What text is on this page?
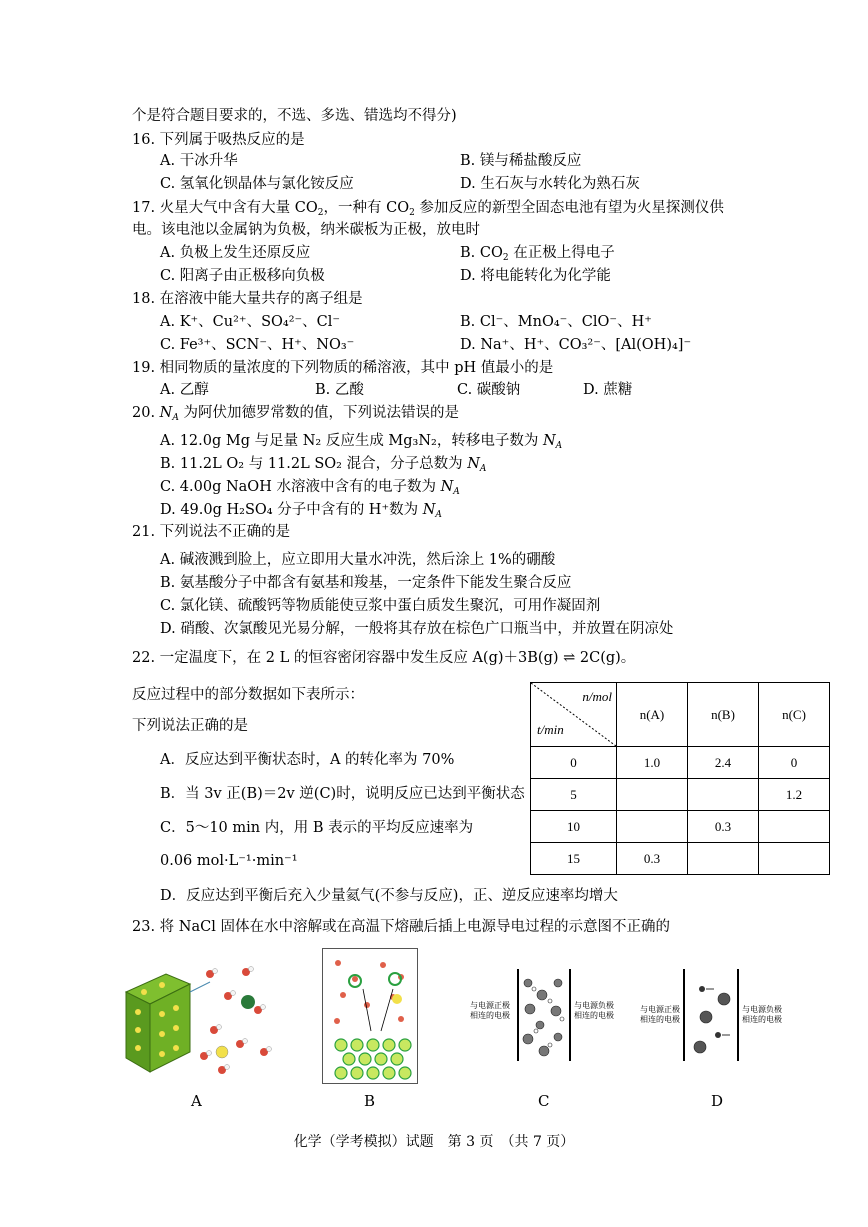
个是符合题目要求的，不选、多选、错选均不得分)
16. 下列属于吸热反应的是
A. 干冰升华	B. 镁与稀盐酸反应
C. 氢氧化钡晶体与氯化铵反应	D. 生石灰与水转化为熟石灰
17. 火星大气中含有大量 $CO_2$，一种有 $CO_2$ 参加反应的新型全固态电池有望为火星探测仪供
电。该电池以金属钠为负极，纳米碳板为正极，放电时
A. 负极上发生还原反应	B. $CO_2$ 在正极上得电子
C. 阳离子由正极移向负极	D. 将电能转化为化学能
18. 在溶液中能大量共存的离子组是
A. K⁺、Cu²⁺、SO₄²⁻、Cl⁻	B. Cl⁻、MnO₄⁻、ClO⁻、H⁺
C. Fe³⁺、SCN⁻、H⁺、NO₃⁻	D. Na⁺、H⁺、CO₃²⁻、[Al(OH)₄]⁻
19. 相同物质的量浓度的下列物质的稀溶液，其中 pH 值最小的是
A. 乙醇	B. 乙酸	C. 碳酸钠	D. 蔗糖
20. $N_A$ 为阿伏加德罗常数的值，下列说法错误的是
A. 12.0g Mg 与足量 N₂ 反应生成 Mg₃N₂，转移电子数为 $N_A$
B. 11.2L O₂ 与 11.2L SO₂ 混合，分子总数为 $N_A$
C. 4.00g NaOH 水溶液中含有的电子数为 $N_A$
D. 49.0g H₂SO₄ 分子中含有的 H⁺数为 $N_A$
21. 下列说法不正确的是
A. 碱液溅到脸上，应立即用大量水冲洗，然后涂上 1%的硼酸
B. 氨基酸分子中都含有氨基和羧基，一定条件下能发生聚合反应
C. 氯化镁、硫酸钙等物质能使豆浆中蛋白质发生聚沉，可用作凝固剂
D. 硝酸、次氯酸见光易分解，一般将其存放在棕色广口瓶当中，并放置在阴凉处
22. 一定温度下，在 2 L 的恒容密闭容器中发生反应 A(g)＋3B(g) ⇌ 2C(g)。
反应过程中的部分数据如下表所示：
下列说法正确的是
A．反应达到平衡状态时，A 的转化率为 70%
B．当 3v 正(B)＝2v 逆(C)时，说明反应已达到平衡状态
C．5～10 min 内，用 B 表示的平均反应速率为
0.06 mol·L⁻¹·min⁻¹
D．反应达到平衡后充入少量氦气(不参与反应)，正、逆反应速率均增大
n/mol
t/min	n(A)	n(B)	n(C)
0	1.0	2.4	0
5			1.2
10		0.3	
15	0.3		
23. 将 NaCl 固体在水中溶解或在高温下熔融后插上电源导电过程的示意图不正确的
与电源正极相连的电极
与电源负极相连的电极
与电源正极相连的电极
与电源负极相连的电极
A	B	C	D
化学（学考模拟）试题　第 3 页　（共 7 页）
